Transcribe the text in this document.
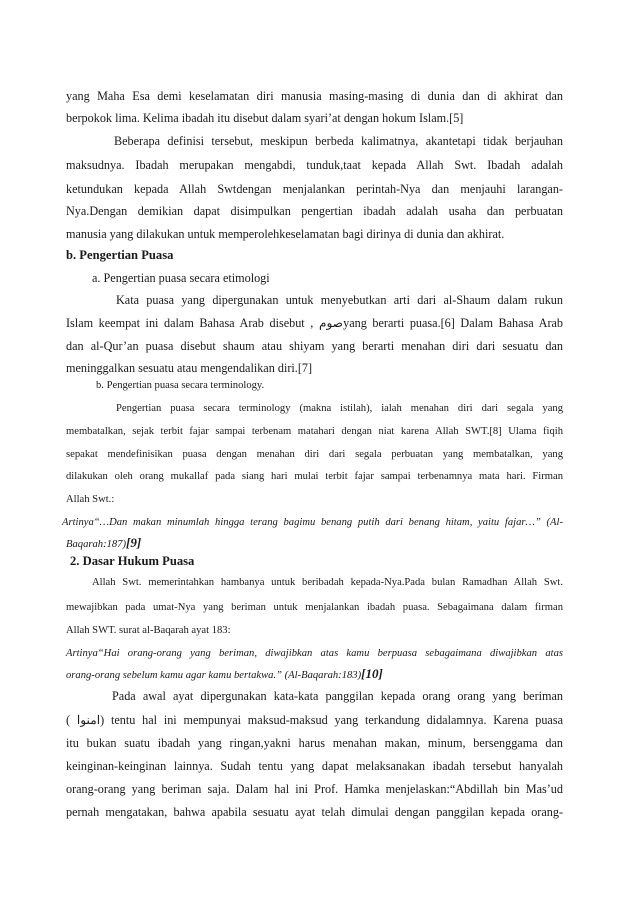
yang Maha Esa demi keselamatan diri manusia masing-masing di dunia dan di akhirat dan
berpokok lima. Kelima ibadah itu disebut dalam syari’at dengan hokum Islam.[5]
Beberapa definisi tersebut, meskipun berbeda kalimatnya, akantetapi tidak berjauhan
maksudnya. Ibadah merupakan mengabdi, tunduk,taat kepada Allah Swt. Ibadah adalah
ketundukan kepada Allah Swtdengan menjalankan perintah-Nya dan menjauhi larangan-
Nya.Dengan demikian dapat disimpulkan pengertian ibadah adalah usaha dan perbuatan
manusia yang dilakukan untuk memperolehkeselamatan bagi dirinya di dunia dan akhirat.
b. Pengertian Puasa
a. Pengertian puasa secara etimologi
Kata puasa yang dipergunakan untuk menyebutkan arti dari al-Shaum dalam rukun
Islam keempat ini dalam Bahasa Arab disebut , صومyang berarti puasa.[6] Dalam Bahasa Arab
dan al-Qur’an puasa disebut shaum atau shiyam yang berarti menahan diri dari sesuatu dan
meninggalkan sesuatu atau mengendalikan diri.[7]
b. Pengertian puasa secara terminology.
Pengertian puasa secara terminology (makna istilah), ialah menahan diri dari segala yang
membatalkan, sejak terbit fajar sampai terbenam matahari dengan niat karena Allah SWT.[8] Ulama fiqih
sepakat mendefinisikan puasa dengan menahan diri dari segala perbuatan yang membatalkan, yang
dilakukan oleh orang mukallaf pada siang hari mulai terbit fajar sampai terbenamnya mata hari. Firman
Allah Swt.:
Artinya“…Dan makan minumlah hingga terang bagimu benang putih dari benang hitam, yaitu fajar…” (Al-
Baqarah:187)[9]
2. Dasar Hukum Puasa
Allah Swt. memerintahkan hambanya untuk beribadah kepada-Nya.Pada bulan Ramadhan Allah Swt.
mewajibkan pada umat-Nya yang beriman untuk menjalankan ibadah puasa. Sebagaimana dalam firman
Allah SWT. surat al-Baqarah ayat 183:
Artinya“Hai orang-orang yang beriman, diwajibkan atas kamu berpuasa sebagaimana diwajibkan atas
orang-orang sebelum kamu agar kamu bertakwa.” (Al-Baqarah:183)[10]
Pada awal ayat dipergunakan kata-kata panggilan kepada orang orang yang beriman
( امنوا) tentu hal ini mempunyai maksud-maksud yang terkandung didalamnya. Karena puasa
itu bukan suatu ibadah yang ringan,yakni harus menahan makan, minum, bersenggama dan
keinginan-keinginan lainnya. Sudah tentu yang dapat melaksanakan ibadah tersebut hanyalah
orang-orang yang beriman saja. Dalam hal ini Prof. Hamka menjelaskan:“Abdillah bin Mas’ud
pernah mengatakan, bahwa apabila sesuatu ayat telah dimulai dengan panggilan kepada orang-
